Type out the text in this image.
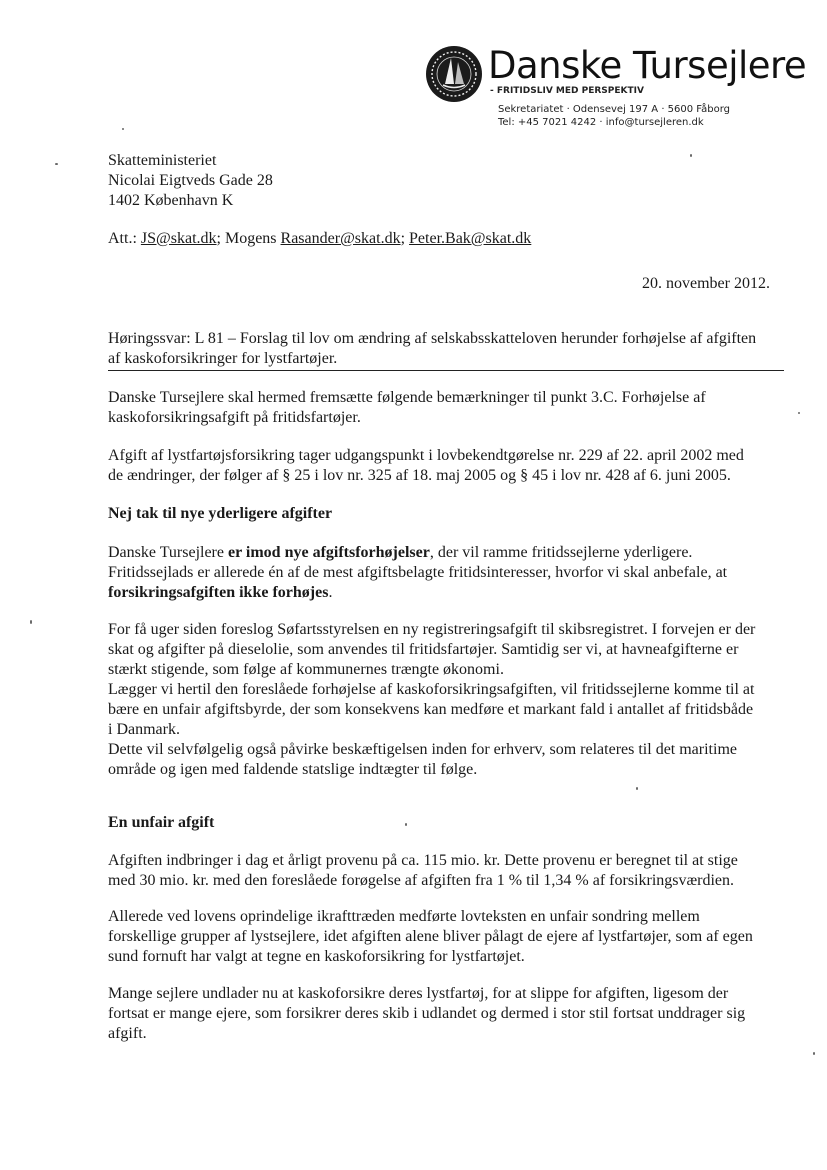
Danske Tursejlere
- FRITIDSLIV MED PERSPEKTIV
Sekretariatet · Odensevej 197 A · 5600 Fåborg
Tel: +45 7021 4242 · info@tursejleren.dk
Skatteministeriet
Nicolai Eigtveds Gade 28
1402 København K
Att.: JS@skat.dk; Mogens Rasander@skat.dk; Peter.Bak@skat.dk
20. november 2012.
Høringssvar: L 81 – Forslag til lov om ændring af selskabsskatteloven herunder forhøjelse af afgiften
af kaskoforsikringer for lystfartøjer.
Danske Tursejlere skal hermed fremsætte følgende bemærkninger til punkt 3.C. Forhøjelse af
kaskoforsikringsafgift på fritidsfartøjer.
Afgift af lystfartøjsforsikring tager udgangspunkt i lovbekendtgørelse nr. 229 af 22. april 2002 med
de ændringer, der følger af § 25 i lov nr. 325 af 18. maj 2005 og § 45 i lov nr. 428 af 6. juni 2005.
Nej tak til nye yderligere afgifter
Danske Tursejlere er imod nye afgiftsforhøjelser, der vil ramme fritidssejlerne yderligere.
Fritidssejlads er allerede én af de mest afgiftsbelagte fritidsinteresser, hvorfor vi skal anbefale, at
forsikringsafgiften ikke forhøjes.
For få uger siden foreslog Søfartsstyrelsen en ny registreringsafgift til skibsregistret. I forvejen er der
skat og afgifter på dieselolie, som anvendes til fritidsfartøjer. Samtidig ser vi, at havneafgifterne er
stærkt stigende, som følge af kommunernes trængte økonomi.
Lægger vi hertil den foreslåede forhøjelse af kaskoforsikringsafgiften, vil fritidssejlerne komme til at
bære en unfair afgiftsbyrde, der som konsekvens kan medføre et markant fald i antallet af fritidsbåde
i Danmark.
Dette vil selvfølgelig også påvirke beskæftigelsen inden for erhverv, som relateres til det maritime
område og igen med faldende statslige indtægter til følge.
En unfair afgift
Afgiften indbringer i dag et årligt provenu på ca. 115 mio. kr. Dette provenu er beregnet til at stige
med 30 mio. kr. med den foreslåede forøgelse af afgiften fra 1 % til 1,34 % af forsikringsværdien.
Allerede ved lovens oprindelige ikrafttræden medførte lovteksten en unfair sondring mellem
forskellige grupper af lystsejlere, idet afgiften alene bliver pålagt de ejere af lystfartøjer, som af egen
sund fornuft har valgt at tegne en kaskoforsikring for lystfartøjet.
Mange sejlere undlader nu at kaskoforsikre deres lystfartøj, for at slippe for afgiften, ligesom der
fortsat er mange ejere, som forsikrer deres skib i udlandet og dermed i stor stil fortsat unddrager sig
afgift.
